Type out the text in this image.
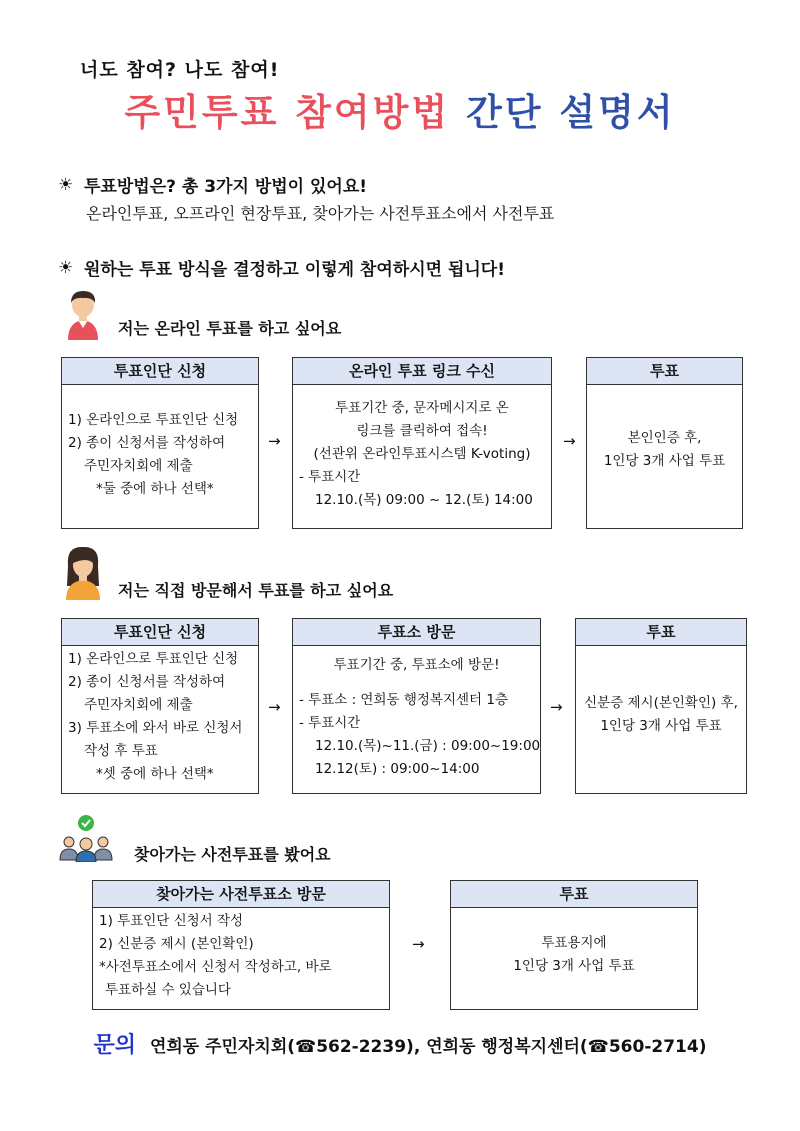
너도 참여? 나도 참여!
주민투표 참여방법 간단 설명서
☀ 투표방법은? 총 3가지 방법이 있어요!
온라인투표, 오프라인 현장투표, 찾아가는 사전투표소에서 사전투표
☀ 원하는 투표 방식을 결정하고 이렇게 참여하시면 됩니다!
저는 온라인 투표를 하고 싶어요
투표인단 신청
1) 온라인으로 투표인단 신청
2) 종이 신청서를 작성하여
주민자치회에 제출
*둘 중에 하나 선택*
→
온라인 투표 링크 수신
투표기간 중, 문자메시지로 온
링크를 클릭하여 접속!
(선관위 온라인투표시스템 K-voting)
- 투표시간
12.10.(목) 09:00 ~ 12.(토) 14:00
→
투표
본인인증 후,
1인당 3개 사업 투표
저는 직접 방문해서 투표를 하고 싶어요
투표인단 신청
1) 온라인으로 투표인단 신청
2) 종이 신청서를 작성하여
주민자치회에 제출
3) 투표소에 와서 바로 신청서
작성 후 투표
*셋 중에 하나 선택*
→
투표소 방문
투표기간 중, 투표소에 방문!
- 투표소 : 연희동 행정복지센터 1층
- 투표시간
12.10.(목)~11.(금) : 09:00~19:00
12.12(토) : 09:00~14:00
→
투표
신분증 제시(본인확인) 후,
1인당 3개 사업 투표
찾아가는 사전투표를 봤어요
찾아가는 사전투표소 방문
1) 투표인단 신청서 작성
2) 신분증 제시 (본인확인)
*사전투표소에서 신청서 작성하고, 바로
투표하실 수 있습니다
→
투표
투표용지에
1인당 3개 사업 투표
문의 연희동 주민자치회(☎562-2239), 연희동 행정복지센터(☎560-2714)
